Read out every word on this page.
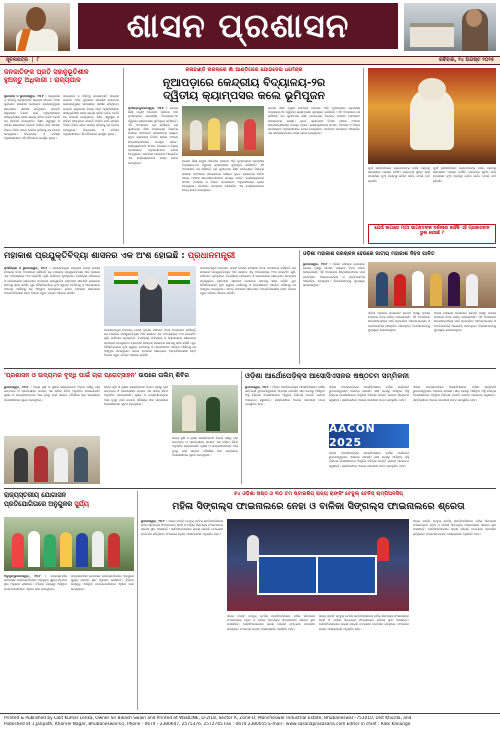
ଶାସନ ପ୍ରଶାସନ
ସୂଚନାପତ୍ର  |  ୮	ରବିବାର, ୨୪ ଅଗଷ୍ଟ ୨୦୨୫
ଜନଜାତିଙ୍କ ପ୍ରତି ସହାନୁଭୂତିଶୀଳ
ହୁଅନ୍ତୁ ଅଧିକାରୀ : ରାଜ୍ୟପାଳ

ସୁନ୍ଦରଗଡ଼ ଓ ଭୁବନେଶ୍ୱର, ୨୩।୮ : ରାଜ୍ୟପାଳ ଡ଼ ହରିବାବୁ କମ୍ଭମ୍ପାଟି ରାଜ୍ୟର ଜନଜାତି ଅଞ୍ଚଳ ଗୁଡ଼ିକରେ ସରକାରୀ ଯୋଜନାର କାର୍ଯ୍ୟାନ୍ୱୟନ ସମ୍ପର୍କରେ ସମୀକ୍ଷା କରିଥିଲେ। ଜନଜାତି ସମୁଦାୟର ବିକାଶ ପାଇଁ ଅଧିକାରୀମାନେ ସହାନୁଭୂତିଶୀଳ ହୋଇ କାର୍ଯ୍ୟ କରିବା ଉଚିତ ବୋଲି ସେ ପରାମର୍ଶ ଦେଇଥିଲେ। ଶିକ୍ଷା, ସ୍ୱାସ୍ଥ୍ୟ ଓ ଜୀବିକା କ୍ଷେତ୍ରରେ ଉନ୍ନତି ଆଣିବା ପାଇଁ ସମସ୍ତ ବିଭାଗ ମିଳିତ ଭାବେ କାର୍ଯ୍ୟ କରିବାକୁ ସେ ନିର୍ଦ୍ଦେଶ ଦେଇଥିଲେ। ଜିଲ୍ଲାପାଳ ଓ ବରିଷ୍ଠ ଅଧିକାରୀମାନେ ଏହି ବୈଠକରେ ଉପସ୍ଥିତ ଥିଲେ।

ରାଜ୍ୟପାଳ ଡ଼ ହରିବାବୁ କମ୍ଭମ୍ପାଟି ରାଜ୍ୟର ଜନଜାତି ଅଞ୍ଚଳ ଗୁଡ଼ିକରେ ସରକାରୀ ଯୋଜନାର କାର୍ଯ୍ୟାନ୍ୱୟନ ସମ୍ପର୍କରେ ସମୀକ୍ଷା କରିଥିଲେ। ଜନଜାତି ସମୁଦାୟର ବିକାଶ ପାଇଁ ଅଧିକାରୀମାନେ ସହାନୁଭୂତିଶୀଳ ହୋଇ କାର୍ଯ୍ୟ କରିବା ଉଚିତ ବୋଲି ସେ ପରାମର୍ଶ ଦେଇଥିଲେ। ଶିକ୍ଷା, ସ୍ୱାସ୍ଥ୍ୟ ଓ ଜୀବିକା କ୍ଷେତ୍ରରେ ଉନ୍ନତି ଆଣିବା ପାଇଁ ସମସ୍ତ ବିଭାଗ ମିଳିତ ଭାବେ କାର୍ଯ୍ୟ କରିବାକୁ ସେ ନିର୍ଦ୍ଦେଶ ଦେଇଥିଲେ। ଜିଲ୍ଲାପାଳ ଓ ବରିଷ୍ଠ ଅଧିକାରୀମାନେ ଏହି ବୈଠକରେ ଉପସ୍ଥିତ ଥିଲେ।

କଳାହାଣ୍ଡି ନାରଲାରେ ଖାଁ ଆଣ୍ଡିଗରେ ଯୋଗଦେଇ ଧର୍ମେନ୍ଦ୍ର
ନୂଆପଡ଼ାରେ କେନ୍ଦ୍ରୀୟ ବିଦ୍ୟାଳୟ-୨ର
ଦ୍ୱିତୀୟ କ୍ୟାମ୍ପସର କଲେ ଭୂମିପୂଜନ

ନୂଆପଡ଼ା/ଭୁବନେଶ୍ୱର, ୨୩।୮ : କେନ୍ଦ୍ର ଶିକ୍ଷା ମନ୍ତ୍ରୀ ଧର୍ମେନ୍ଦ୍ର ପ୍ରଧାନ ଆଜି ନୂଆପଡ଼ାରେ କେନ୍ଦ୍ରୀୟ ବିଦ୍ୟାଳୟ-୨ର ଦ୍ୱିତୀୟ କ୍ୟାମ୍ପସର ଭୂମିପୂଜନ କରିଛନ୍ତି। ଏହି ଅବସରରେ ସେ କହିଛନ୍ତି ଯେ ଗୁଣାତ୍ମକ ଶିକ୍ଷା ପ୍ରତ୍ୟେକ ପିଲାଙ୍କ ପାଖରେ ପହଞ୍ଚାଇବା ସରକାରଙ୍କ ଲକ୍ଷ୍ୟ। ନୂତନ କ୍ୟାମ୍ପସ ନିର୍ମାଣ ହେଲେ ଅଞ୍ଚଳର ଛାତ୍ରଛାତ୍ରୀମାନେ ଉପକୃତ ହେବେ। କାର୍ଯ୍ୟକ୍ରମରେ ସାଂସଦ, ବିଧାୟକ ଓ ଜିଲ୍ଲା ପ୍ରଶାସନର ଅଧିକାରୀମାନେ ଯୋଗ ଦେଇଥିଲେ। ଧର୍ମେନ୍ଦ୍ର ନାରଲାରେ ଆୟୋଜିତ ଏକ କାର୍ଯ୍ୟକ୍ରମରେ ମଧ୍ୟ ଯୋଗ ଦେଇଥିଲେ।	କେନ୍ଦ୍ର ଶିକ୍ଷା ମନ୍ତ୍ରୀ ଧର୍ମେନ୍ଦ୍ର ପ୍ରଧାନ ଆଜି ନୂଆପଡ଼ାରେ କେନ୍ଦ୍ରୀୟ ବିଦ୍ୟାଳୟ-୨ର ଦ୍ୱିତୀୟ କ୍ୟାମ୍ପସର ଭୂମିପୂଜନ କରିଛନ୍ତି। ଏହି ଅବସରରେ ସେ କହିଛନ୍ତି ଯେ ଗୁଣାତ୍ମକ ଶିକ୍ଷା ପ୍ରତ୍ୟେକ ପିଲାଙ୍କ ପାଖରେ ପହଞ୍ଚାଇବା ସରକାରଙ୍କ ଲକ୍ଷ୍ୟ। ନୂତନ କ୍ୟାମ୍ପସ ନିର୍ମାଣ ହେଲେ ଅଞ୍ଚଳର ଛାତ୍ରଛାତ୍ରୀମାନେ ଉପକୃତ ହେବେ। କାର୍ଯ୍ୟକ୍ରମରେ ସାଂସଦ, ବିଧାୟକ ଓ ଜିଲ୍ଲା ପ୍ରଶାସନର ଅଧିକାରୀମାନେ ଯୋଗ ଦେଇଥିଲେ। ଧର୍ମେନ୍ଦ୍ର ନାରଲାରେ ଆୟୋଜିତ ଏକ କାର୍ଯ୍ୟକ୍ରମରେ ମଧ୍ୟ ଯୋଗ ଦେଇଥିଲେ।

କେନ୍ଦ୍ର ଶିକ୍ଷା ମନ୍ତ୍ରୀ ଧର୍ମେନ୍ଦ୍ର ପ୍ରଧାନ ଆଜି ନୂଆପଡ଼ାରେ କେନ୍ଦ୍ରୀୟ ବିଦ୍ୟାଳୟ-୨ର ଦ୍ୱିତୀୟ କ୍ୟାମ୍ପସର ଭୂମିପୂଜନ କରିଛନ୍ତି। ଏହି ଅବସରରେ ସେ କହିଛନ୍ତି ଯେ ଗୁଣାତ୍ମକ ଶିକ୍ଷା ପ୍ରତ୍ୟେକ ପିଲାଙ୍କ ପାଖରେ ପହଞ୍ଚାଇବା ସରକାରଙ୍କ ଲକ୍ଷ୍ୟ। ନୂତନ କ୍ୟାମ୍ପସ ନିର୍ମାଣ ହେଲେ ଅଞ୍ଚଳର ଛାତ୍ରଛାତ୍ରୀମାନେ ଉପକୃତ ହେବେ। କାର୍ଯ୍ୟକ୍ରମରେ ସାଂସଦ, ବିଧାୟକ ଓ ଜିଲ୍ଲା ପ୍ରଶାସନର ଅଧିକାରୀମାନେ ଯୋଗ ଦେଇଥିଲେ। ଧର୍ମେନ୍ଦ୍ର ନାରଲାରେ ଆୟୋଜିତ ଏକ କାର୍ଯ୍ୟକ୍ରମରେ ମଧ୍ୟ ଯୋଗ ଦେଇଥିଲେ।

ପୁରୀ ଶ୍ରୀମନ୍ଦିରରେ ଭକ୍ତମାନଙ୍କ ଦର୍ଶନ ବ୍ୟବସ୍ଥା ସମ୍ପର୍କରେ ପ୍ରଶ୍ନ ଉଠିଛି। ଭକ୍ତଙ୍କ ସୁବିଧା ପାଇଁ ପ୍ରଶାସନ ନୂଆ ବ୍ୟବସ୍ଥା କରିବା ଉଚିତ ବୋଲି ଦାବି ହେଉଛି।

ପୁରୀ ଶ୍ରୀମନ୍ଦିରରେ ଭକ୍ତମାନଙ୍କ ଦର୍ଶନ ବ୍ୟବସ୍ଥା ସମ୍ପର୍କରେ ପ୍ରଶ୍ନ ଉଠିଛି। ଭକ୍ତଙ୍କ ସୁବିଧା ପାଇଁ ପ୍ରଶାସନ ନୂଆ ବ୍ୟବସ୍ଥା କରିବା ଉଚିତ ବୋଲି ଦାବି ହେଉଛି।

ଯେଉଁ ଜାଗାରେ ମାଆ ଭାଗବତଙ୍କ ଦର୍ଶନରେ କାହିଁକି ଏହି ପ୍ରକାରବାନ ଭୁଲ ହେଉଛି ?
ମହାକାଶ ପ୍ରଯୁକ୍ତିବିଦ୍ୟା ଶାସନର ଏକ ଅଂଶ ହୋଇଛି : ପ୍ରଧାନମନ୍ତ୍ରୀ

ନୂଆଦିଲ୍ଲୀ ଓ ଭୁବନେଶ୍ୱର, ୨୩।୮ : ପ୍ରଧାନମନ୍ତ୍ରୀ ନରେନ୍ଦ୍ର ମୋଦୀ ଜାତୀୟ ମହାକାଶ ଦିବସ ଅବସରରେ କହିଛନ୍ତି ଯେ ମହାକାଶ ପ୍ରଯୁକ୍ତିବିଦ୍ୟା ଆଜି ଶାସନର ଏକ ଅବିଚ୍ଛେଦ୍ୟ ଅଂଶ ପାଲଟିଛି। କୃଷି, ପାଣିପାଗ ପୂର୍ବାନୁମାନ, ବିପର୍ଯ୍ୟୟ ପରିଚାଳନା ଓ ଯୋଗାଯୋଗ କ୍ଷେତ୍ରରେ ଉପଗ୍ରହ ପ୍ରଯୁକ୍ତିର ବ୍ୟବହାର ସାଧାରଣ ଲୋକଙ୍କ ଜୀବନକୁ ସହଜ କରିଛି। ଯୁବ ବୈଜ୍ଞାନିକମାନେ ନୂଆ ସ୍ୱପ୍ନ ଦେଖିବାକୁ ଓ ଗବେଷଣାରେ ଆଗେଇ ଆସିବାକୁ ସେ ଆହ୍ୱାନ ଦେଇଥିଲେ। ଭାରତ ମହାକାଶ କ୍ଷେତ୍ରରେ ଆତ୍ମନିର୍ଭରଶୀଳ ହେବା ଦିଗରେ ଦ୍ରୁତ ଗତିରେ ଆଗେଇ ଚାଲିଛି।

ପ୍ରଧାନମନ୍ତ୍ରୀ ନରେନ୍ଦ୍ର ମୋଦୀ ଜାତୀୟ ମହାକାଶ ଦିବସ ଅବସରରେ କହିଛନ୍ତି ଯେ ମହାକାଶ ପ୍ରଯୁକ୍ତିବିଦ୍ୟା ଆଜି ଶାସନର ଏକ ଅବିଚ୍ଛେଦ୍ୟ ଅଂଶ ପାଲଟିଛି। କୃଷି, ପାଣିପାଗ ପୂର୍ବାନୁମାନ, ବିପର୍ଯ୍ୟୟ ପରିଚାଳନା ଓ ଯୋଗାଯୋଗ କ୍ଷେତ୍ରରେ ଉପଗ୍ରହ ପ୍ରଯୁକ୍ତିର ବ୍ୟବହାର ସାଧାରଣ ଲୋକଙ୍କ ଜୀବନକୁ ସହଜ କରିଛି। ଯୁବ ବୈଜ୍ଞାନିକମାନେ ନୂଆ ସ୍ୱପ୍ନ ଦେଖିବାକୁ ଓ ଗବେଷଣାରେ ଆଗେଇ ଆସିବାକୁ ସେ ଆହ୍ୱାନ ଦେଇଥିଲେ। ଭାରତ ମହାକାଶ କ୍ଷେତ୍ରରେ ଆତ୍ମନିର୍ଭରଶୀଳ ହେବା ଦିଗରେ ଦ୍ରୁତ ଗତିରେ ଆଗେଇ ଚାଲିଛି।

ପ୍ରଧାନମନ୍ତ୍ରୀ ନରେନ୍ଦ୍ର ମୋଦୀ ଜାତୀୟ ମହାକାଶ ଦିବସ ଅବସରରେ କହିଛନ୍ତି ଯେ ମହାକାଶ ପ୍ରଯୁକ୍ତିବିଦ୍ୟା ଆଜି ଶାସନର ଏକ ଅବିଚ୍ଛେଦ୍ୟ ଅଂଶ ପାଲଟିଛି। କୃଷି, ପାଣିପାଗ ପୂର୍ବାନୁମାନ, ବିପର୍ଯ୍ୟୟ ପରିଚାଳନା ଓ ଯୋଗାଯୋଗ କ୍ଷେତ୍ରରେ ଉପଗ୍ରହ ପ୍ରଯୁକ୍ତିର ବ୍ୟବହାର ସାଧାରଣ ଲୋକଙ୍କ ଜୀବନକୁ ସହଜ କରିଛି। ଯୁବ ବୈଜ୍ଞାନିକମାନେ ନୂଆ ସ୍ୱପ୍ନ ଦେଖିବାକୁ ଓ ଗବେଷଣାରେ ଆଗେଇ ଆସିବାକୁ ସେ ଆହ୍ୱାନ ଦେଇଥିଲେ। ଭାରତ ମହାକାଶ କ୍ଷେତ୍ରରେ ଆତ୍ମନିର୍ଭରଶୀଳ ହେବା ଦିଗରେ ଦ୍ରୁତ ଗତିରେ ଆଗେଇ ଚାଲିଛି।

ଓଡ଼ିଶା ମହାକାଶ ପରଚାଳନ ହେଉରେ ଜାତୀୟ ମହାକାଶ ଦିବସ ପାଳିତ

ଭୁବନେଶ୍ୱର, ୨୩।୮ : ଓଡ଼ିଶା ମହାକାଶ ଉପଯୋଗ କେନ୍ଦ୍ର ପକ୍ଷରୁ ଜାତୀୟ ମହାକାଶ ଦିବସ ପାଳିତ ହୋଇଯାଇଛି। ଏହି ଅବସରରେ ଛାତ୍ରଛାତ୍ରୀଙ୍କ ପାଇଁ ପ୍ରଦର୍ଶନୀ, ଆଲୋଚନାଚକ୍ର ଓ ପ୍ରତିଯୋଗିତା ଆୟୋଜିତ ହୋଇଥିଲା। ବିଜେତାମାନଙ୍କୁ ପୁରସ୍କୃତ କରାଯାଇଥିଲା।

ଓଡ଼ିଶା ମହାକାଶ ଉପଯୋଗ କେନ୍ଦ୍ର ପକ୍ଷରୁ ଜାତୀୟ ମହାକାଶ ଦିବସ ପାଳିତ ହୋଇଯାଇଛି। ଏହି ଅବସରରେ ଛାତ୍ରଛାତ୍ରୀଙ୍କ ପାଇଁ ପ୍ରଦର୍ଶନୀ, ଆଲୋଚନାଚକ୍ର ଓ ପ୍ରତିଯୋଗିତା ଆୟୋଜିତ ହୋଇଥିଲା। ବିଜେତାମାନଙ୍କୁ ପୁରସ୍କୃତ କରାଯାଇଥିଲା।

ଓଡ଼ିଶା ମହାକାଶ ଉପଯୋଗ କେନ୍ଦ୍ର ପକ୍ଷରୁ ଜାତୀୟ ମହାକାଶ ଦିବସ ପାଳିତ ହୋଇଯାଇଛି। ଏହି ଅବସରରେ ଛାତ୍ରଛାତ୍ରୀଙ୍କ ପାଇଁ ପ୍ରଦର୍ଶନୀ, ଆଲୋଚନାଚକ୍ର ଓ ପ୍ରତିଯୋଗିତା ଆୟୋଜିତ ହୋଇଥିଲା। ବିଜେତାମାନଙ୍କୁ ପୁରସ୍କୃତ କରାଯାଇଥିଲା।

'ପ୍ରଶାସନ ଓ ଉଦ୍ୟମର ବୃଦ୍ଧି ପାଇଁ ଚାରା ପ୍ରୋତ୍ସାହନ' ଉପରେ ତାଲିମ୍ ଶିବିର

ଭୁବନେଶ୍ୱର, ୨୩।୮ : ରାଜ୍ୟ କୃଷି ଓ କୃଷକ ସଶକ୍ତିକରଣ ବିଭାଗ ପକ୍ଷରୁ ଚାରା ଉତ୍ପାଦନ ଓ ପ୍ରୋତ୍ସାହନ ଉପରେ ଏକ ତାଲିମ୍ ଶିବିର ଅନୁଷ୍ଠିତ ହୋଇଯାଇଛି। କୃଷକ ଓ ଉଦ୍ୟମୀମାନଙ୍କ ଆୟ ବୃଦ୍ଧି ପାଇଁ ଉନ୍ନତ ବୈଷୟିକ ଜ୍ଞାନ ସମ୍ପର୍କରେ ବିଶେଷଜ୍ଞମାନେ ସୂଚନା ଦେଇଥିଲେ।

ରାଜ୍ୟ କୃଷି ଓ କୃଷକ ସଶକ୍ତିକରଣ ବିଭାଗ ପକ୍ଷରୁ ଚାରା ଉତ୍ପାଦନ ଓ ପ୍ରୋତ୍ସାହନ ଉପରେ ଏକ ତାଲିମ୍ ଶିବିର ଅନୁଷ୍ଠିତ ହୋଇଯାଇଛି। କୃଷକ ଓ ଉଦ୍ୟମୀମାନଙ୍କ ଆୟ ବୃଦ୍ଧି ପାଇଁ ଉନ୍ନତ ବୈଷୟିକ ଜ୍ଞାନ ସମ୍ପର୍କରେ ବିଶେଷଜ୍ଞମାନେ ସୂଚନା ଦେଇଥିଲେ।

ରାଜ୍ୟ କୃଷି ଓ କୃଷକ ସଶକ୍ତିକରଣ ବିଭାଗ ପକ୍ଷରୁ ଚାରା ଉତ୍ପାଦନ ଓ ପ୍ରୋତ୍ସାହନ ଉପରେ ଏକ ତାଲିମ୍ ଶିବିର ଅନୁଷ୍ଠିତ ହୋଇଯାଇଛି। କୃଷକ ଓ ଉଦ୍ୟମୀମାନଙ୍କ ଆୟ ବୃଦ୍ଧି ପାଇଁ ଉନ୍ନତ ବୈଷୟିକ ଜ୍ଞାନ ସମ୍ପର୍କରେ ବିଶେଷଜ୍ଞମାନେ ସୂଚନା ଦେଇଥିଲେ।

ଓଡ଼ିଶା ଆର୍ଥୋପେଡ଼ିକ୍ସ ଆସୋସିଏସନର ଷଷ୍ଠତମ ସମ୍ମିଳନୀ

ଭୁବନେଶ୍ୱର, ୨୩।୮ : ଓଡ଼ିଶା ଆର୍ଥୋପେଡ଼ିକ୍ସ ଆସୋସିଏସନର ବାର୍ଷିକ ସମ୍ମିଳନୀ ଭୁବନେଶ୍ୱରରେ ଆରମ୍ଭ ହୋଇଛି। ସାରା ଦେଶରୁ ଆସିଥିବା ଅସ୍ଥି ଚିକିତ୍ସା ବିଶେଷଜ୍ଞମାନେ ଆଧୁନିକ ଚିକିତ୍ସା ପଦ୍ଧତି ଉପରେ ଆଲୋଚନା କରୁଛନ୍ତି। ସମ୍ମିଳନୀରେ ଅନେକ ଗବେଷଣା ପତ୍ର ଉପସ୍ଥାପିତ ହେବ।

ଓଡ଼ିଶା ଆର୍ଥୋପେଡ଼ିକ୍ସ ଆସୋସିଏସନର ବାର୍ଷିକ ସମ୍ମିଳନୀ ଭୁବନେଶ୍ୱରରେ ଆରମ୍ଭ ହୋଇଛି। ସାରା ଦେଶରୁ ଆସିଥିବା ଅସ୍ଥି ଚିକିତ୍ସା ବିଶେଷଜ୍ଞମାନେ ଆଧୁନିକ ଚିକିତ୍ସା ପଦ୍ଧତି ଉପରେ ଆଲୋଚନା କରୁଛନ୍ତି। ସମ୍ମିଳନୀରେ ଅନେକ ଗବେଷଣା ପତ୍ର ଉପସ୍ଥାପିତ ହେବ।

AACON 2025

ଓଡ଼ିଶା ଆର୍ଥୋପେଡ଼ିକ୍ସ ଆସୋସିଏସନର ବାର୍ଷିକ ସମ୍ମିଳନୀ ଭୁବନେଶ୍ୱରରେ ଆରମ୍ଭ ହୋଇଛି। ସାରା ଦେଶରୁ ଆସିଥିବା ଅସ୍ଥି ଚିକିତ୍ସା ବିଶେଷଜ୍ଞମାନେ ଆଧୁନିକ ଚିକିତ୍ସା ପଦ୍ଧତି ଉପରେ ଆଲୋଚନା କରୁଛନ୍ତି। ସମ୍ମିଳନୀରେ ଅନେକ ଗବେଷଣା ପତ୍ର ଉପସ୍ଥାପିତ ହେବ।

ଓଡ଼ିଶା ଆର୍ଥୋପେଡ଼ିକ୍ସ ଆସୋସିଏସନର ବାର୍ଷିକ ସମ୍ମିଳନୀ ଭୁବନେଶ୍ୱରରେ ଆରମ୍ଭ ହୋଇଛି। ସାରା ଦେଶରୁ ଆସିଥିବା ଅସ୍ଥି ଚିକିତ୍ସା ବିଶେଷଜ୍ଞମାନେ ଆଧୁନିକ ଚିକିତ୍ସା ପଦ୍ଧତି ଉପରେ ଆଲୋଚନା କରୁଛନ୍ତି। ସମ୍ମିଳନୀରେ ଅନେକ ଗବେଷଣା ପତ୍ର ଉପସ୍ଥାପିତ ହେବ।

ରାଜ୍ୟସ୍ତରୀୟ ଯୋଗାସନ
ପ୍ରତିଯୋଗିତାରେ ଅନୁଗୁଳର ସୁର୍ଯ୍ୟ

ଅନୁଗୁଳ/ଭୁବନେଶ୍ୱର, ୨୩।୮ : ରାଜ୍ୟସ୍ତରୀୟ ଯୋଗାସନ ପ୍ରତିଯୋଗିତାରେ ଅନୁଗୁଳର ସୁର୍ଯ୍ୟ ପ୍ରଥମ ସ୍ଥାନ ଅଧିକାର କରିଛନ୍ତି। ବିଭିନ୍ନ ଜିଲ୍ଲାରୁ ଆସିଥିବା ପ୍ରତିଯୋଗୀମାନେ ଏଥିରେ ଭାଗ ନେଇଥିଲେ।

ରାଜ୍ୟସ୍ତରୀୟ ଯୋଗାସନ ପ୍ରତିଯୋଗିତାରେ ଅନୁଗୁଳର ସୁର୍ଯ୍ୟ ପ୍ରଥମ ସ୍ଥାନ ଅଧିକାର କରିଛନ୍ତି। ବିଭିନ୍ନ ଜିଲ୍ଲାରୁ ଆସିଥିବା ପ୍ରତିଯୋଗୀମାନେ ଏଥିରେ ଭାଗ ନେଇଥିଲେ।

୫୪ ଓଡ଼ିଶା ଷଷ୍ଠ ଓ ୩୦ ତମ ଷ୍ଟାରଶିପ୍ ରାଜ୍ୟ ରାଙ୍କିଂ ଟେବୁଲ୍ ଟେନିସ୍ ଚାମ୍ପିଅନସିପ୍
ମହିଳା ସିଙ୍ଗଲ୍ସ ଫାଇନାଲରେ ନେହା ଓ ବାଳିକା ସିଙ୍ଗଲ୍ସ ଫାଇନାଲରେ ଶ୍ରେତା

ଭୁବନେଶ୍ୱର, ୨୩।୮ : ରାଜ୍ୟ ରାଙ୍କିଂ ଟେବୁଲ୍ ଟେନିସ୍ ଚାମ୍ପିଅନସିପରେ ମହିଳା ସିଙ୍ଗଲ୍ସ ଫାଇନାଲରେ ନେହା ଓ ବାଳିକା ସିଙ୍ଗଲ୍ସ ଫାଇନାଲରେ ଶ୍ରେତା ସ୍ଥାନ ପାଇଛନ୍ତି। ସେମିଫାଇନାଲରେ ଉଭୟ ଖେଳାଳି ଚମତ୍କାର ପ୍ରଦର୍ଶନ କରିଥିଲେ। ଫାଇନାଲ ମ୍ୟାଚ୍ ଆସନ୍ତାକାଲି ଅନୁଷ୍ଠିତ ହେବ।

ରାଜ୍ୟ ରାଙ୍କିଂ ଟେବୁଲ୍ ଟେନିସ୍ ଚାମ୍ପିଅନସିପରେ ମହିଳା ସିଙ୍ଗଲ୍ସ ଫାଇନାଲରେ ନେହା ଓ ବାଳିକା ସିଙ୍ଗଲ୍ସ ଫାଇନାଲରେ ଶ୍ରେତା ସ୍ଥାନ ପାଇଛନ୍ତି। ସେମିଫାଇନାଲରେ ଉଭୟ ଖେଳାଳି ଚମତ୍କାର ପ୍ରଦର୍ଶନ କରିଥିଲେ। ଫାଇନାଲ ମ୍ୟାଚ୍ ଆସନ୍ତାକାଲି ଅନୁଷ୍ଠିତ ହେବ।

ରାଜ୍ୟ ରାଙ୍କିଂ ଟେବୁଲ୍ ଟେନିସ୍ ଚାମ୍ପିଅନସିପରେ ମହିଳା ସିଙ୍ଗଲ୍ସ ଫାଇନାଲରେ ନେହା ଓ ବାଳିକା ସିଙ୍ଗଲ୍ସ ଫାଇନାଲରେ ଶ୍ରେତା ସ୍ଥାନ ପାଇଛନ୍ତି। ସେମିଫାଇନାଲରେ ଉଭୟ ଖେଳାଳି ଚମତ୍କାର ପ୍ରଦର୍ଶନ କରିଥିଲେ। ଫାଇନାଲ ମ୍ୟାଚ୍ ଆସନ୍ତାକାଲି ଅନୁଷ୍ଠିତ ହେବ।

ରାଜ୍ୟ ରାଙ୍କିଂ ଟେବୁଲ୍ ଟେନିସ୍ ଚାମ୍ପିଅନସିପରେ ମହିଳା ସିଙ୍ଗଲ୍ସ ଫାଇନାଲରେ ନେହା ଓ ବାଳିକା ସିଙ୍ଗଲ୍ସ ଫାଇନାଲରେ ଶ୍ରେତା ସ୍ଥାନ ପାଇଛନ୍ତି। ସେମିଫାଇନାଲରେ ଉଭୟ ଖେଳାଳି ଚମତ୍କାର ପ୍ରଦର୍ଶନ କରିଥିଲେ। ଫାଇନାଲ ମ୍ୟାଚ୍ ଆସନ୍ତାକାଲି ଅନୁଷ୍ଠିତ ହେବ।

Printed & Published by Lalit Kumar Lenka, Owner Sri Bikash Swain and Printed at WEBLINE, D-2/18, Sector A, Zone-D, Mancheswar Industrial Estate, Bhubaneswar -751010, Dist Khurda, and
Published at 1,Janpath, Kharvel Nagar, Bhubaneswar-01, Phone : 0674 - 2380647, 2575376, 2572745 Fax : 0674 2380055 E-mail : www.sasanaprasasana.com Editor in chief : Rabi Kanungo
